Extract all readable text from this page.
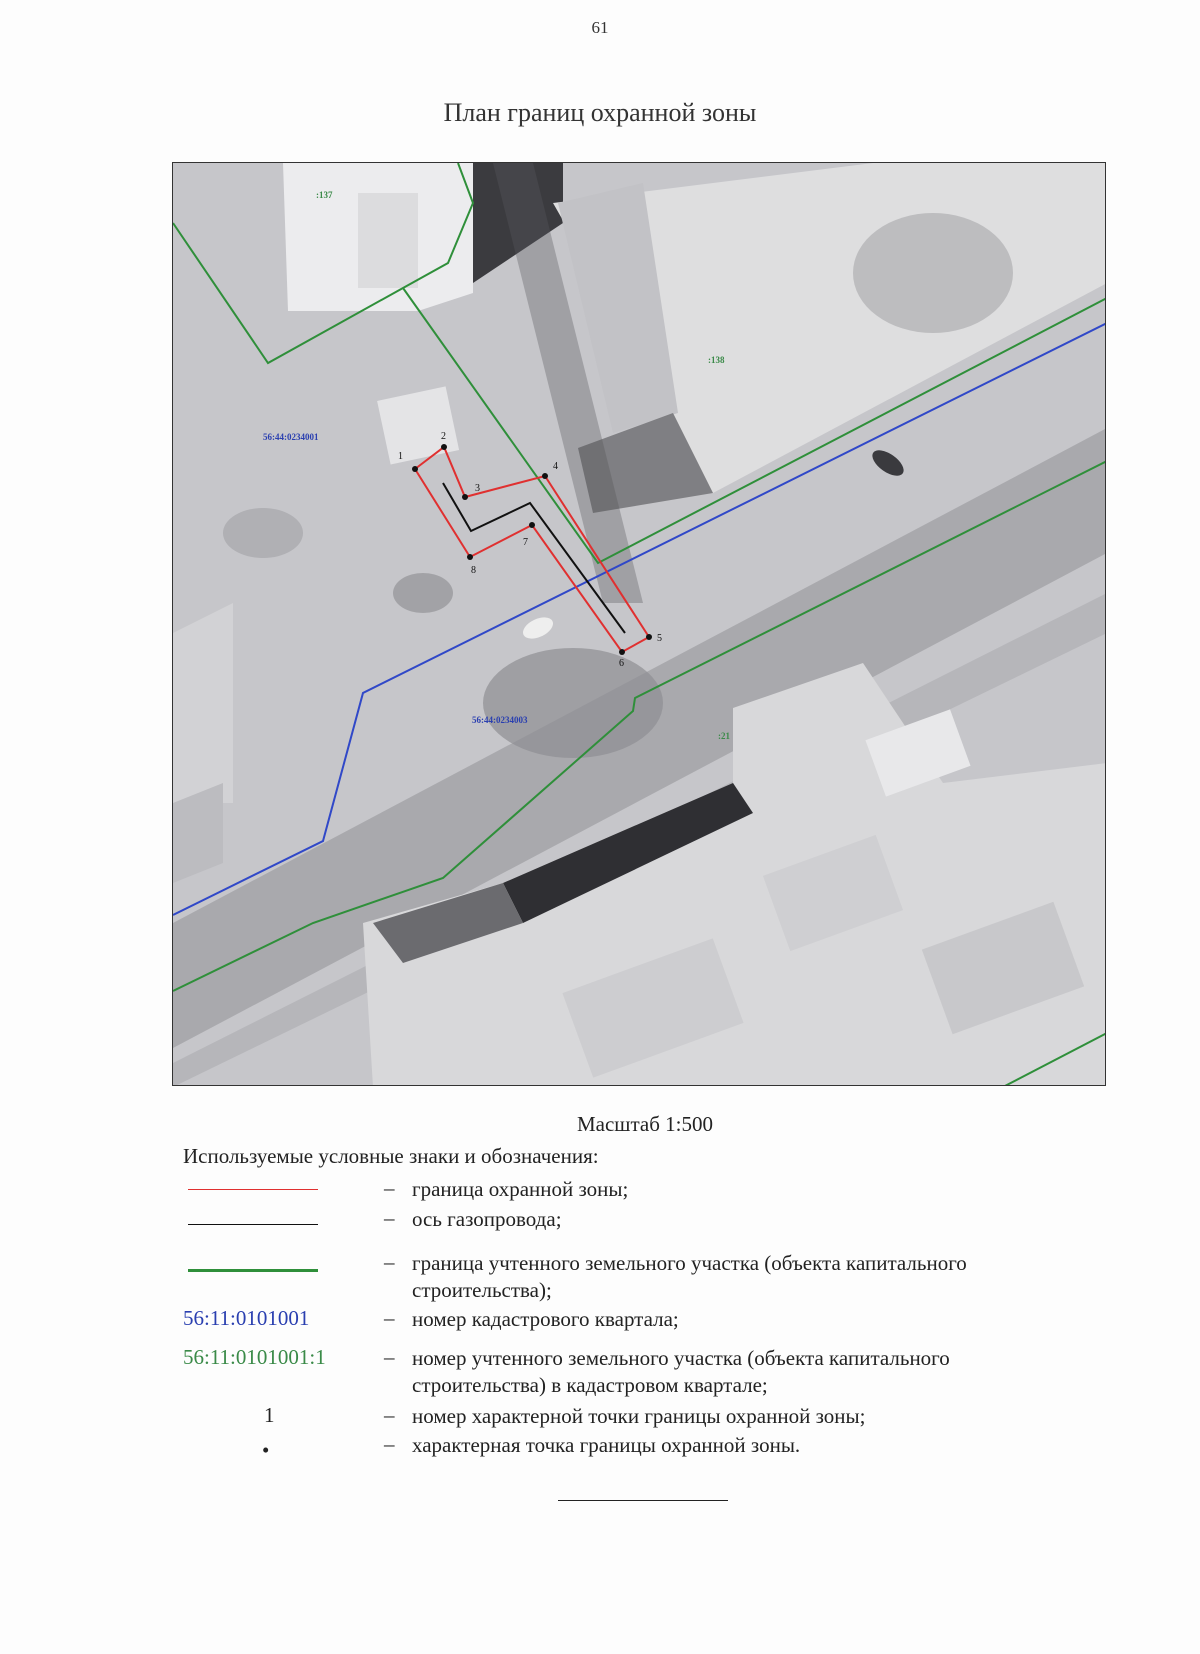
61
План границ охранной зоны
1
2
3
4
5
6
7
8
:137
:138
:21
56:44:0234001
56:44:0234003
Масштаб 1:500
Используемые условные знаки и обозначения:
– граница охранной зоны;
– ось газопровода;
– граница учтенного земельного участка (объекта капитального строительства);
56:11:0101001	– номер кадастрового квартала;
56:11:0101001:1	– номер учтенного земельного участка (объекта капитального строительства) в кадастровом квартале;
1	– номер характерной точки границы охранной зоны;
•	– характерная точка границы охранной зоны.
